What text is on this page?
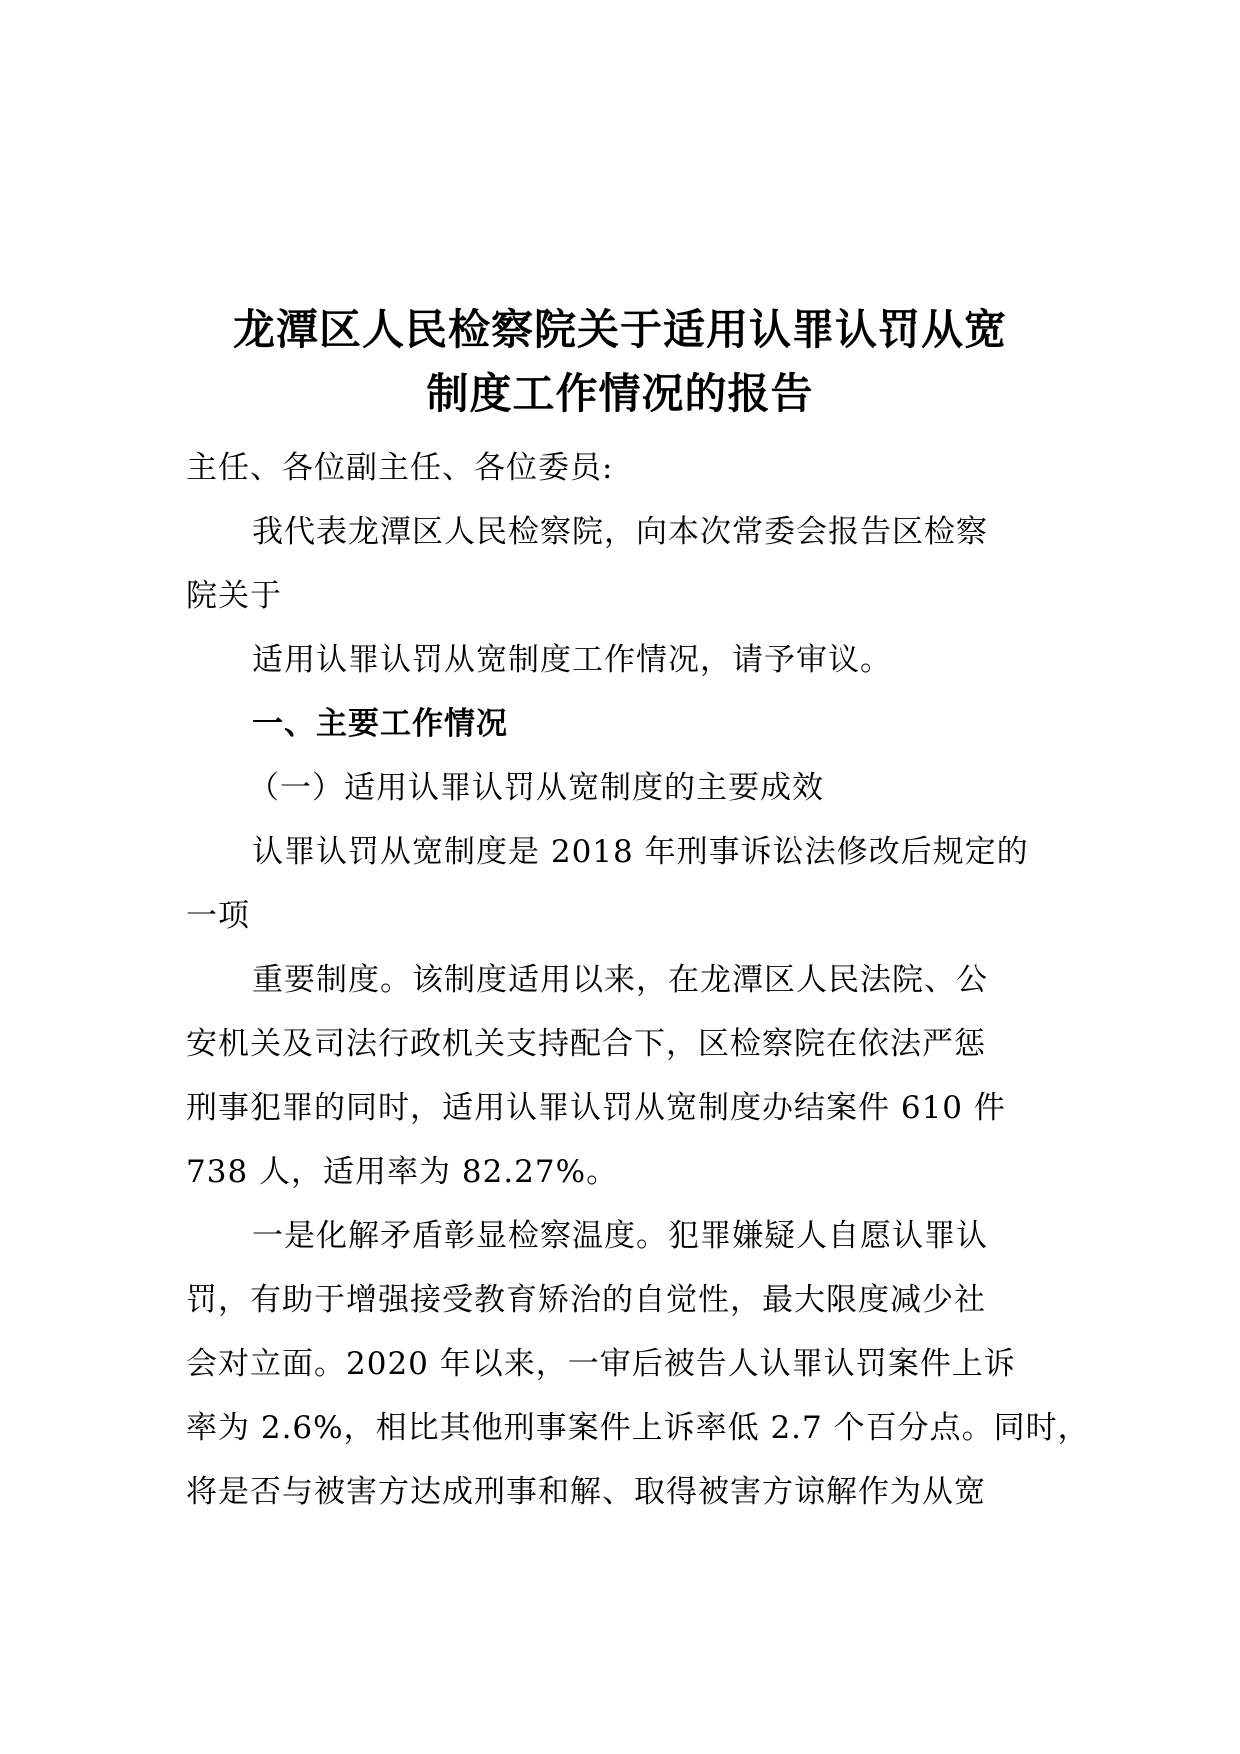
龙潭区人民检察院关于适用认罪认罚从宽
制度工作情况的报告
主任、各位副主任、各位委员:
我代表龙潭区人民检察院，向本次常委会报告区检察
院关于
适用认罪认罚从宽制度工作情况，请予审议。
一、主要工作情况
（一）适用认罪认罚从宽制度的主要成效
认罪认罚从宽制度是 2018 年刑事诉讼法修改后规定的
一项
重要制度。该制度适用以来，在龙潭区人民法院、公
安机关及司法行政机关支持配合下，区检察院在依法严惩
刑事犯罪的同时，适用认罪认罚从宽制度办结案件 610 件
738 人，适用率为 82.27%。
一是化解矛盾彰显检察温度。犯罪嫌疑人自愿认罪认
罚，有助于增强接受教育矫治的自觉性，最大限度减少社
会对立面。2020 年以来，一审后被告人认罪认罚案件上诉
率为 2.6%，相比其他刑事案件上诉率低 2.7 个百分点。同时，
将是否与被害方达成刑事和解、取得被害方谅解作为从宽
